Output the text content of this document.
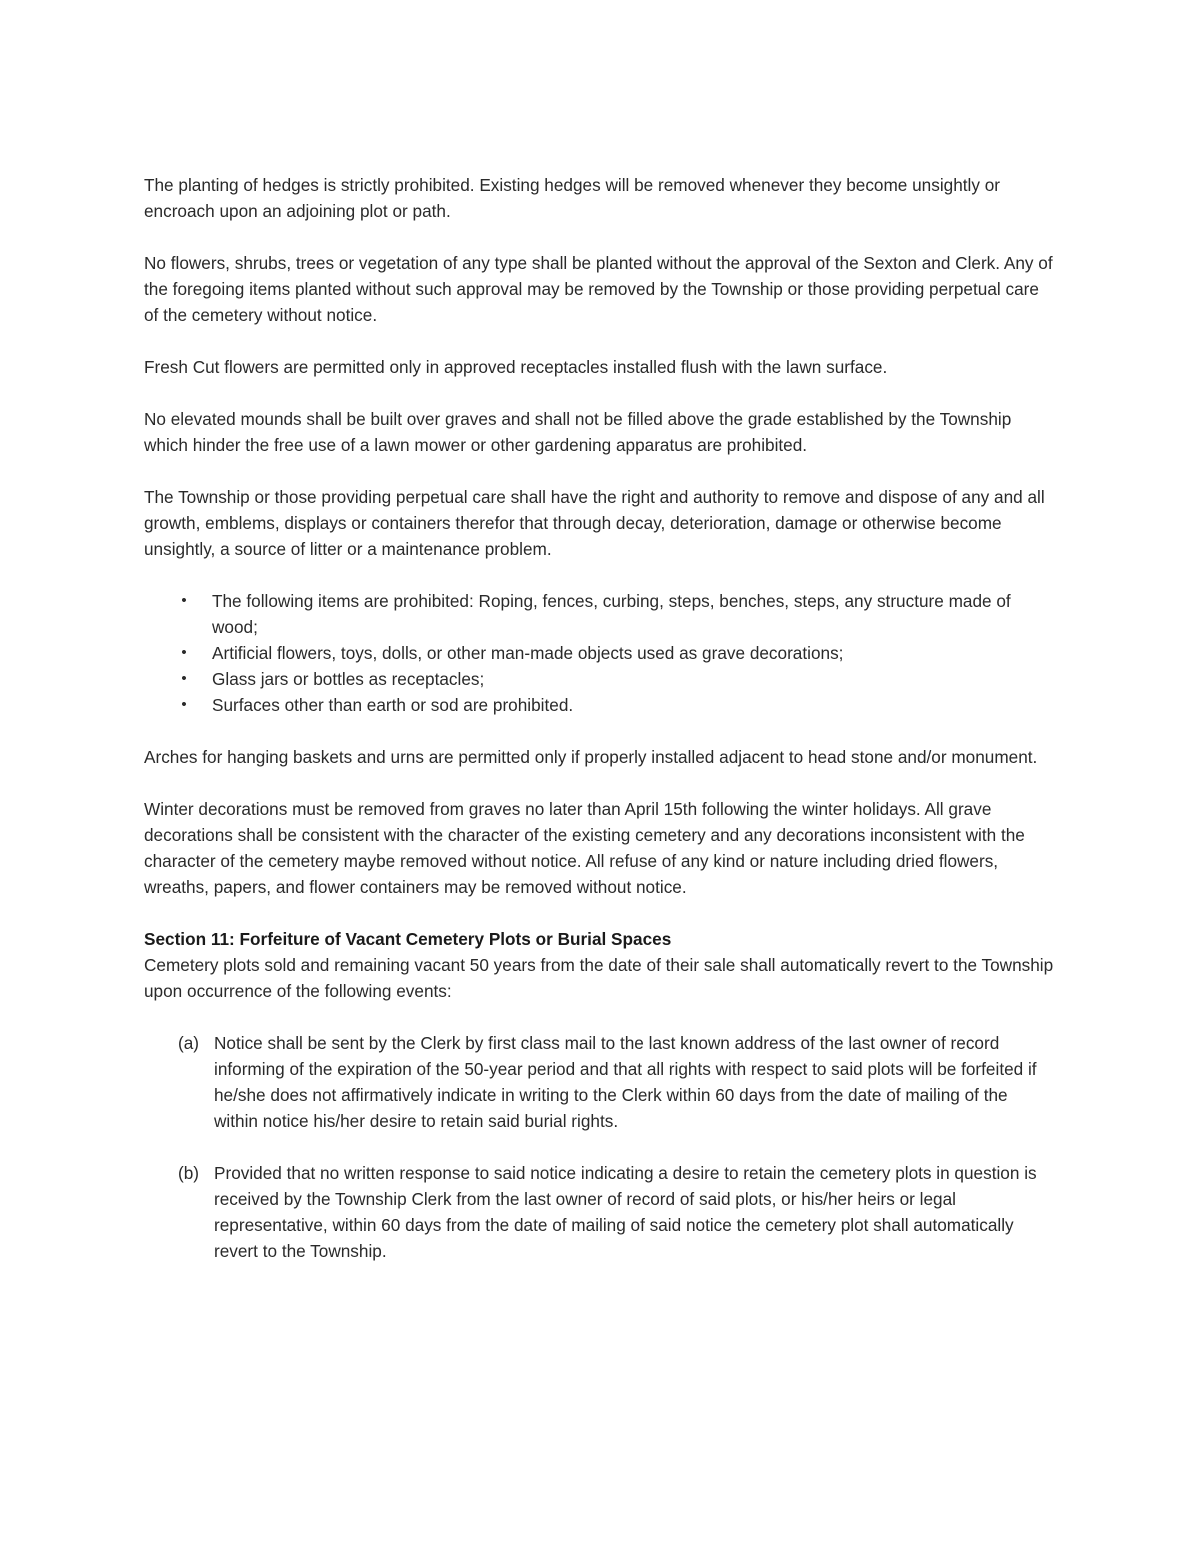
The planting of hedges is strictly prohibited. Existing hedges will be removed whenever they become unsightly or encroach upon an adjoining plot or path.

No flowers, shrubs, trees or vegetation of any type shall be planted without the approval of the Sexton and Clerk. Any of the foregoing items planted without such approval may be removed by the Township or those providing perpetual care of the cemetery without notice.

Fresh Cut flowers are permitted only in approved receptacles installed flush with the lawn surface.

No elevated mounds shall be built over graves and shall not be filled above the grade established by the Township which hinder the free use of a lawn mower or other gardening apparatus are prohibited.

The Township or those providing perpetual care shall have the right and authority to remove and dispose of any and all growth, emblems, displays or containers therefor that through decay, deterioration, damage or otherwise become unsightly, a source of litter or a maintenance problem.

• The following items are prohibited: Roping, fences, curbing, steps, benches, steps, any structure made of wood;
• Artificial flowers, toys, dolls, or other man-made objects used as grave decorations;
• Glass jars or bottles as receptacles;
• Surfaces other than earth or sod are prohibited.

Arches for hanging baskets and urns are permitted only if properly installed adjacent to head stone and/or monument.

Winter decorations must be removed from graves no later than April 15th following the winter holidays. All grave decorations shall be consistent with the character of the existing cemetery and any decorations inconsistent with the character of the cemetery maybe removed without notice. All refuse of any kind or nature including dried flowers, wreaths, papers, and flower containers may be removed without notice.

Section 11: Forfeiture of Vacant Cemetery Plots or Burial Spaces

Cemetery plots sold and remaining vacant 50 years from the date of their sale shall automatically revert to the Township upon occurrence of the following events:

(a) Notice shall be sent by the Clerk by first class mail to the last known address of the last owner of record informing of the expiration of the 50-year period and that all rights with respect to said plots will be forfeited if he/she does not affirmatively indicate in writing to the Clerk within 60 days from the date of mailing of the within notice his/her desire to retain said burial rights.
(b) Provided that no written response to said notice indicating a desire to retain the cemetery plots in question is received by the Township Clerk from the last owner of record of said plots, or his/her heirs or legal representative, within 60 days from the date of mailing of said notice the cemetery plot shall automatically revert to the Township.
